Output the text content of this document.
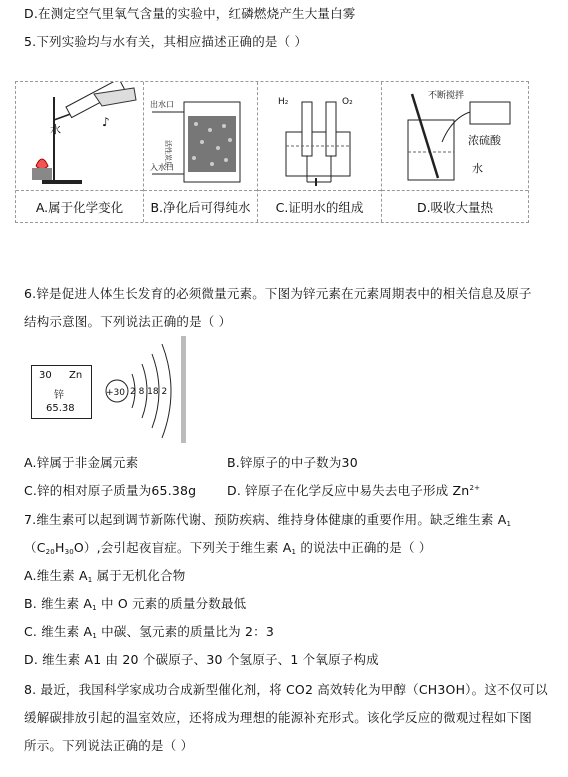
D.在测定空气里氧气含量的实验中，红磷燃烧产生大量白雾
5.下列实验均与水有关，其相应描述正确的是（ ）
水
♪
A.属于化学变化
出水口
入水口
活性炭层
B.净化后可得纯水
H₂	O₂
C.证明水的组成
不断搅拌
浓硫酸
水
D.吸收大量热
6.锌是促进人体生长发育的必须微量元素。下图为锌元素在元素周期表中的相关信息及原子
结构示意图。下列说法正确的是（ ）
30 Zn
锌
65.38
+30 2 8 18 2
A.锌属于非金属元素	B.锌原子的中子数为30
C.锌的相对原子质量为65.38g D. 锌原子在化学反应中易失去电子形成 $Zn^{2+}$
7.维生素可以起到调节新陈代谢、预防疾病、维持身体健康的重要作用。缺乏维生素 $A_1$
$(C_{20}H_{30}O)$,会引起夜盲症。下列关于维生素 $A_1$ 的说法中正确的是（ ）
A.维生素 $A_1$ 属于无机化合物
B. 维生素 $A_1$ 中 O 元素的质量分数最低
C. 维生素 $A_1$ 中碳、氢元素的质量比为 2：3
D. 维生素 A1 由 20 个碳原子、30 个氢原子、1 个氧原子构成
8. 最近，我国科学家成功合成新型催化剂，将 CO2 高效转化为甲醇（CH3OH）。这不仅可以
缓解碳排放引起的温室效应，还将成为理想的能源补充形式。该化学反应的微观过程如下图
所示。下列说法正确的是（ ）
